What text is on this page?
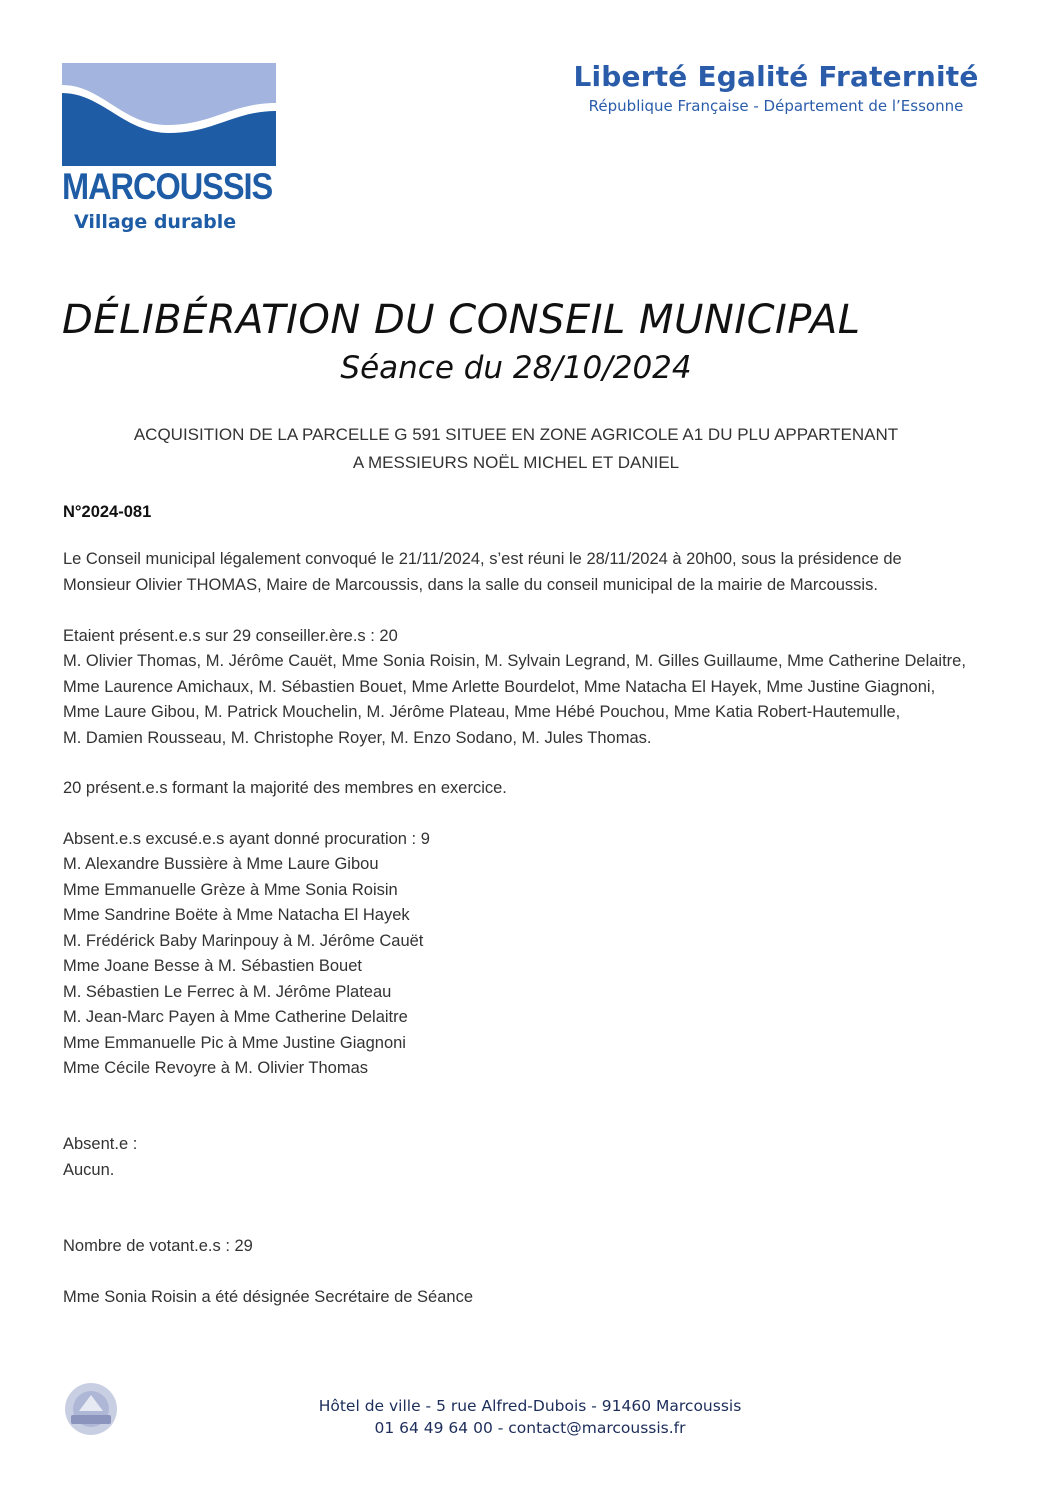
MARCOUSSIS
Village durable
Liberté Egalité Fraternité
République Française - Département de l’Essonne
DÉLIBÉRATION DU CONSEIL MUNICIPAL
Séance du 28/10/2024
ACQUISITION DE LA PARCELLE G 591 SITUEE EN ZONE AGRICOLE A1 DU PLU APPARTENANT
A MESSIEURS NOËL MICHEL ET DANIEL
N°2024-081
Le Conseil municipal légalement convoqué le 21/11/2024, s’est réuni le 28/11/2024 à 20h00, sous la présidence de
Monsieur Olivier THOMAS, Maire de Marcoussis, dans la salle du conseil municipal de la mairie de Marcoussis.
Etaient présent.e.s sur 29 conseiller.ère.s : 20
M. Olivier Thomas, M. Jérôme Cauët, Mme Sonia Roisin, M. Sylvain Legrand, M. Gilles Guillaume, Mme Catherine Delaitre,
Mme Laurence Amichaux, M. Sébastien Bouet, Mme Arlette Bourdelot, Mme Natacha El Hayek, Mme Justine Giagnoni,
Mme Laure Gibou, M. Patrick Mouchelin, M. Jérôme Plateau, Mme Hébé Pouchou, Mme Katia Robert-Hautemulle,
M. Damien Rousseau, M. Christophe Royer, M. Enzo Sodano, M. Jules Thomas.
20 présent.e.s formant la majorité des membres en exercice.
Absent.e.s excusé.e.s ayant donné procuration : 9
M. Alexandre Bussière à Mme Laure Gibou
Mme Emmanuelle Grèze à Mme Sonia Roisin
Mme Sandrine Boëte à Mme Natacha El Hayek
M. Frédérick Baby Marinpouy à M. Jérôme Cauët
Mme Joane Besse à M. Sébastien Bouet
M. Sébastien Le Ferrec à M. Jérôme Plateau
M. Jean-Marc Payen à Mme Catherine Delaitre
Mme Emmanuelle Pic à Mme Justine Giagnoni
Mme Cécile Revoyre à M. Olivier Thomas
Absent.e :
Aucun.
Nombre de votant.e.s : 29
Mme Sonia Roisin a été désignée Secrétaire de Séance
Hôtel de ville - 5 rue Alfred-Dubois - 91460 Marcoussis
01 64 49 64 00 - contact@marcoussis.fr
